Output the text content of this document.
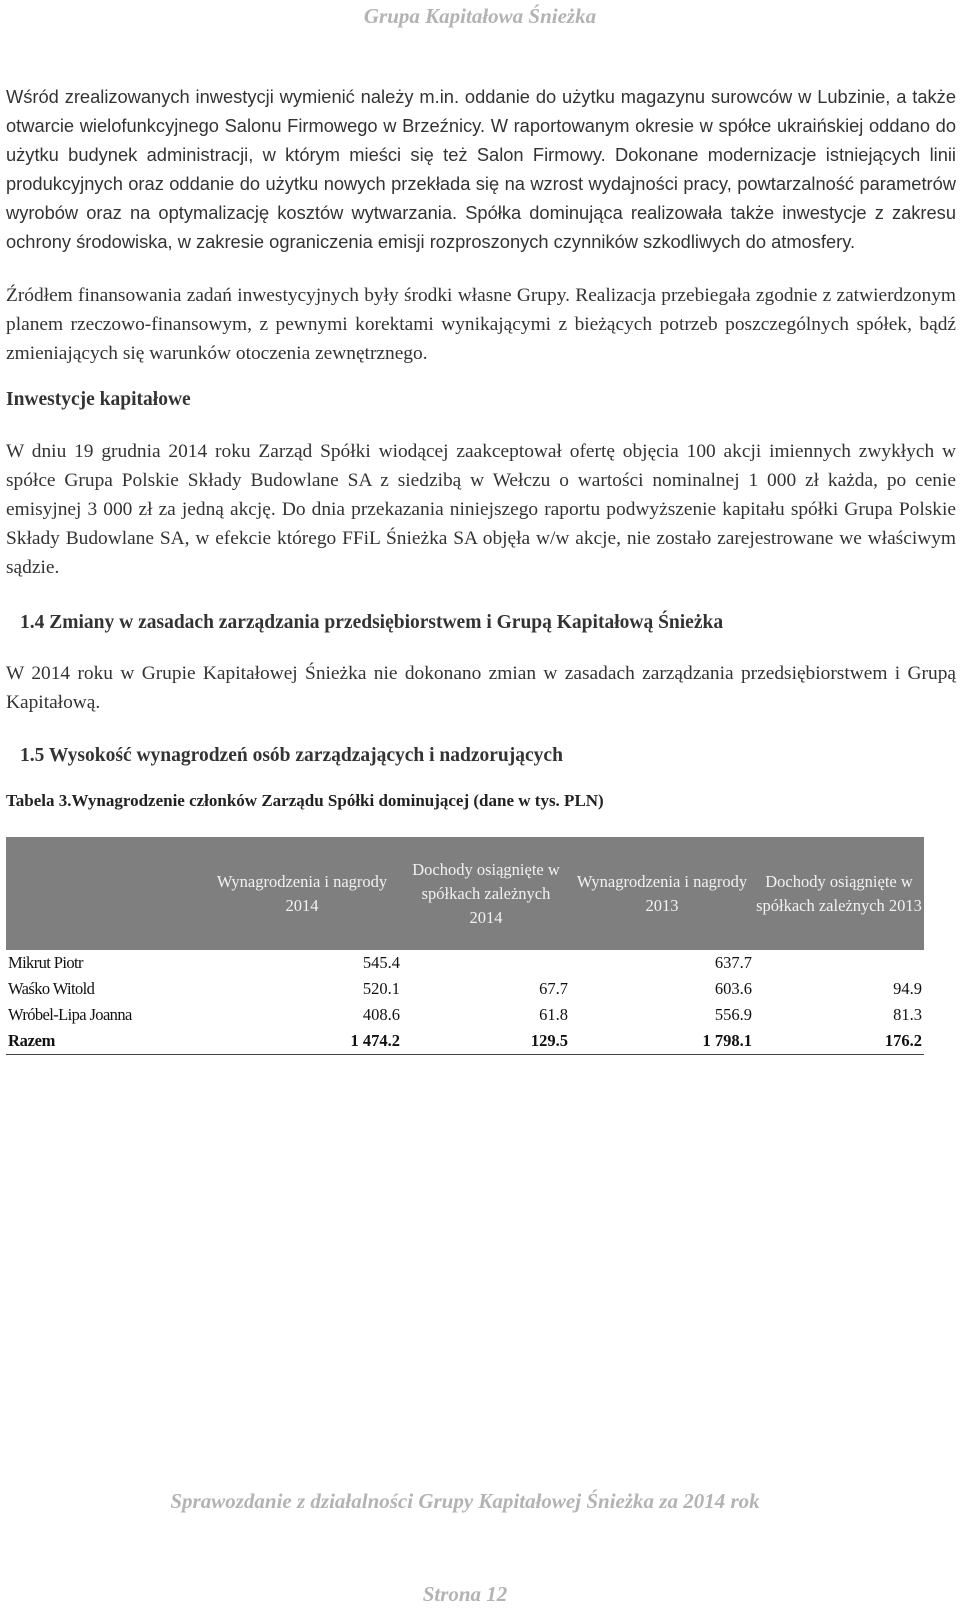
Grupa Kapitałowa Śnieżka

Wśród zrealizowanych inwestycji wymienić należy m.in. oddanie do użytku magazynu surowców w Lubzinie, a także otwarcie wielofunkcyjnego Salonu Firmowego w Brzeźnicy. W raportowanym okresie w spółce ukraińskiej oddano do użytku budynek administracji, w którym mieści się też Salon Firmowy. Dokonane modernizacje istniejących linii produkcyjnych oraz oddanie do użytku nowych przekłada się na wzrost wydajności pracy, powtarzalność parametrów wyrobów oraz na optymalizację kosztów wytwarzania. Spółka dominująca realizowała także inwestycje z zakresu ochrony środowiska, w zakresie ograniczenia emisji rozproszonych czynników szkodliwych do atmosfery.

Źródłem finansowania zadań inwestycyjnych były środki własne Grupy. Realizacja przebiegała zgodnie z zatwierdzonym planem rzeczowo-finansowym, z pewnymi korektami wynikającymi z bieżących potrzeb poszczególnych spółek, bądź zmieniających się warunków otoczenia zewnętrznego.

Inwestycje kapitałowe

W dniu 19 grudnia 2014 roku Zarząd Spółki wiodącej zaakceptował ofertę objęcia 100 akcji imiennych zwykłych w spółce Grupa Polskie Składy Budowlane SA z siedzibą w Wełczu o wartości nominalnej 1 000 zł każda, po cenie emisyjnej 3 000 zł za jedną akcję. Do dnia przekazania niniejszego raportu podwyższenie kapitału spółki Grupa Polskie Składy Budowlane SA, w efekcie którego FFiL Śnieżka SA objęła w/w akcje, nie zostało zarejestrowane we właściwym sądzie.

1.4 Zmiany w zasadach zarządzania przedsiębiorstwem i Grupą Kapitałową Śnieżka

W 2014 roku w Grupie Kapitałowej Śnieżka nie dokonano zmian w zasadach zarządzania przedsiębiorstwem i Grupą Kapitałową.

1.5 Wysokość wynagrodzeń osób zarządzających i nadzorujących
Tabela 3.Wynagrodzenie członków Zarządu Spółki dominującej (dane w tys. PLN)
	Wynagrodzenia i nagrody 2014	Dochody osiągnięte w spółkach zależnych 2014	Wynagrodzenia i nagrody 2013	Dochody osiągnięte w spółkach zależnych 2013
Mikrut Piotr	545.4		637.7	
Waśko Witold	520.1	67.7	603.6	94.9
Wróbel-Lipa Joanna	408.6	61.8	556.9	81.3
Razem	1 474.2	129.5	1 798.1	176.2
Sprawozdanie z działalności Grupy Kapitałowej Śnieżka za 2014 rok
Strona 12
